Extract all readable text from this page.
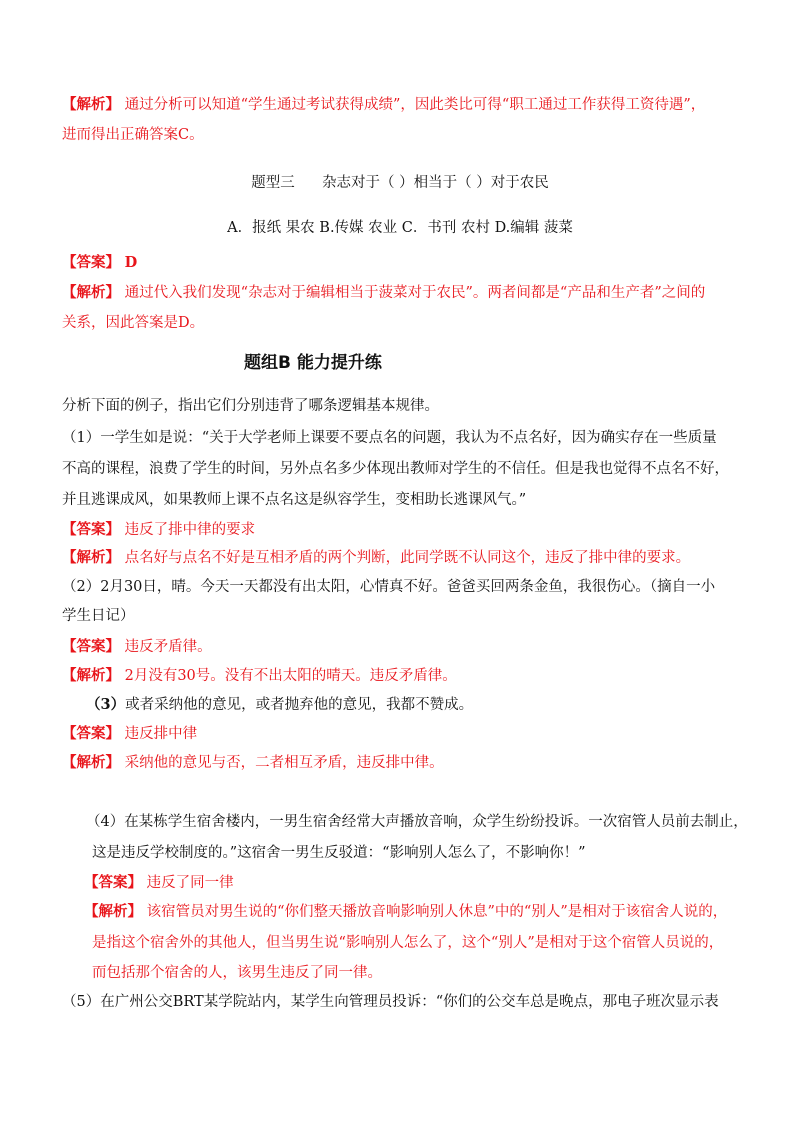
【解析】 通过分析可以知道“学生通过考试获得成绩”，因此类比可得“职工通过工作获得工资待遇”，
进而得出正确答案C。
题型三 杂志对于（ ）相当于（ ）对于农民
A．报纸 果农 B.传媒 农业 C．书刊 农村 D.编辑 菠菜
【答案】 D
【解析】 通过代入我们发现“杂志对于编辑相当于菠菜对于农民”。两者间都是“产品和生产者”之间的
关系，因此答案是D。
题组B 能力提升练
分析下面的例子，指出它们分别违背了哪条逻辑基本规律。
（1）一学生如是说：“关于大学老师上课要不要点名的问题，我认为不点名好，因为确实存在一些质量
不高的课程，浪费了学生的时间，另外点名多少体现出教师对学生的不信任。但是我也觉得不点名不好，
并且逃课成风，如果教师上课不点名这是纵容学生，变相助长逃课风气。”
【答案】 违反了排中律的要求
【解析】 点名好与点名不好是互相矛盾的两个判断，此同学既不认同这个，违反了排中律的要求。
（2）2月30日，晴。今天一天都没有出太阳，心情真不好。爸爸买回两条金鱼，我很伤心。（摘自一小
学生日记）
【答案】 违反矛盾律。
【解析】 2月没有30号。没有不出太阳的晴天。违反矛盾律。
（3）或者采纳他的意见，或者抛弃他的意见，我都不赞成。
【答案】 违反排中律
【解析】 采纳他的意见与否，二者相互矛盾，违反排中律。
（4）在某栋学生宿舍楼内，一男生宿舍经常大声播放音响，众学生纷纷投诉。一次宿管人员前去制止，
这是违反学校制度的。”这宿舍一男生反驳道：“影响别人怎么了，不影响你！”
【答案】 违反了同一律
【解析】 该宿管员对男生说的“你们整天播放音响影响别人休息”中的“别人”是相对于该宿舍人说的，
是指这个宿舍外的其他人，但当男生说“影响别人怎么了，这个“别人”是相对于这个宿管人员说的，
而包括那个宿舍的人，该男生违反了同一律。
（5）在广州公交BRT某学院站内，某学生向管理员投诉：“你们的公交车总是晚点，那电子班次显示表
